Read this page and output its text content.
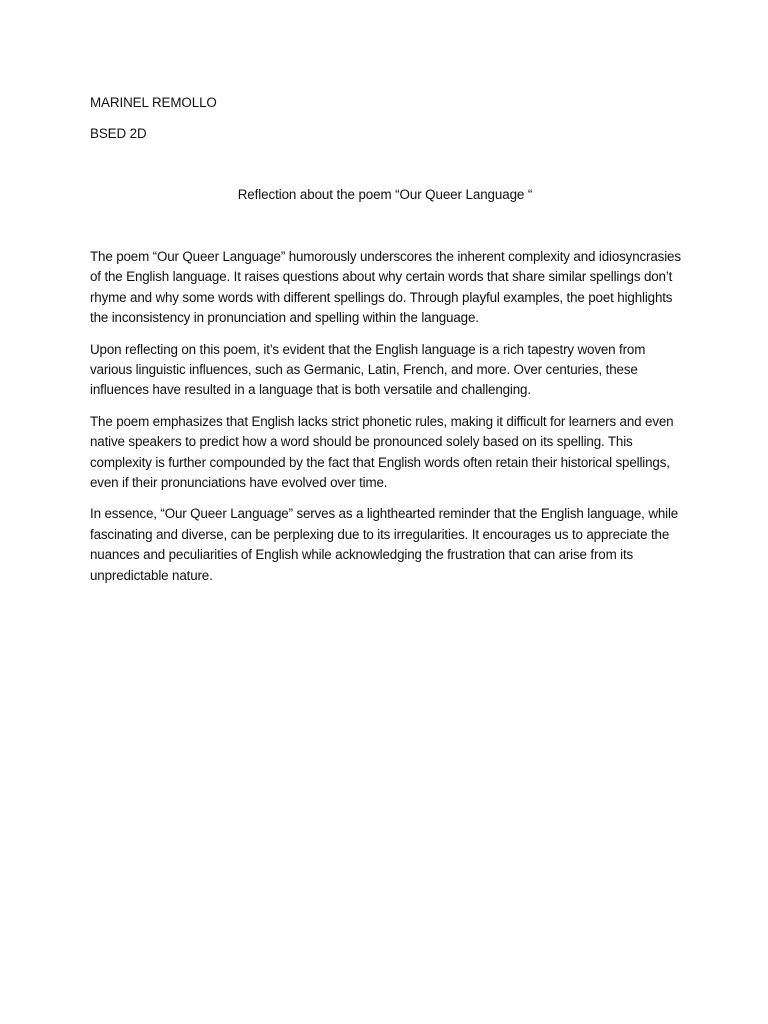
MARINEL REMOLLO
BSED 2D
Reflection about the poem “Our Queer Language “

The poem “Our Queer Language” humorously underscores the inherent complexity and idiosyncrasies of the English language. It raises questions about why certain words that share similar spellings don’t rhyme and why some words with different spellings do. Through playful examples, the poet highlights the inconsistency in pronunciation and spelling within the language.

Upon reflecting on this poem, it’s evident that the English language is a rich tapestry woven from various linguistic influences, such as Germanic, Latin, French, and more. Over centuries, these influences have resulted in a language that is both versatile and challenging.

The poem emphasizes that English lacks strict phonetic rules, making it difficult for learners and even native speakers to predict how a word should be pronounced solely based on its spelling. This complexity is further compounded by the fact that English words often retain their historical spellings, even if their pronunciations have evolved over time.

In essence, “Our Queer Language” serves as a lighthearted reminder that the English language, while fascinating and diverse, can be perplexing due to its irregularities. It encourages us to appreciate the nuances and peculiarities of English while acknowledging the frustration that can arise from its unpredictable nature.
